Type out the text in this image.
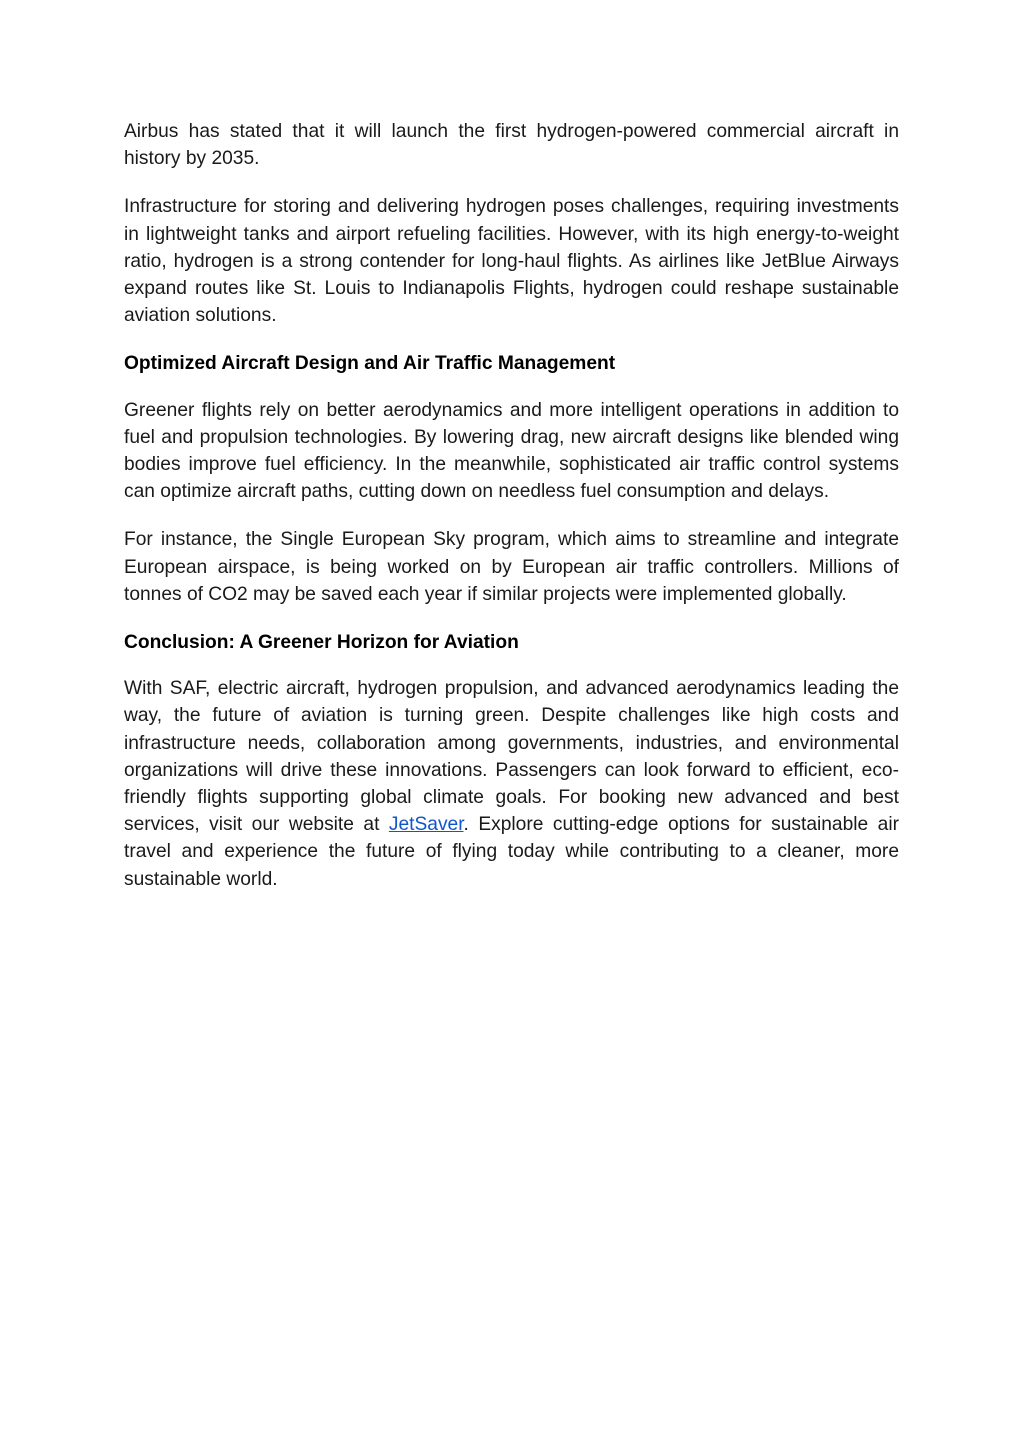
Airbus has stated that it will launch the first hydrogen-powered commercial aircraft in history by 2035.

Infrastructure for storing and delivering hydrogen poses challenges, requiring investments in lightweight tanks and airport refueling facilities. However, with its high energy-to-weight ratio, hydrogen is a strong contender for long-haul flights. As airlines like JetBlue Airways expand routes like St. Louis to Indianapolis Flights, hydrogen could reshape sustainable aviation solutions.

Optimized Aircraft Design and Air Traffic Management

Greener flights rely on better aerodynamics and more intelligent operations in addition to fuel and propulsion technologies. By lowering drag, new aircraft designs like blended wing bodies improve fuel efficiency. In the meanwhile, sophisticated air traffic control systems can optimize aircraft paths, cutting down on needless fuel consumption and delays.

For instance, the Single European Sky program, which aims to streamline and integrate European airspace, is being worked on by European air traffic controllers. Millions of tonnes of CO2 may be saved each year if similar projects were implemented globally.

Conclusion: A Greener Horizon for Aviation

With SAF, electric aircraft, hydrogen propulsion, and advanced aerodynamics leading the way, the future of aviation is turning green. Despite challenges like high costs and infrastructure needs, collaboration among governments, industries, and environmental organizations will drive these innovations. Passengers can look forward to efficient, eco-friendly flights supporting global climate goals. For booking new advanced and best services, visit our website at JetSaver. Explore cutting-edge options for sustainable air travel and experience the future of flying today while contributing to a cleaner, more sustainable world.
